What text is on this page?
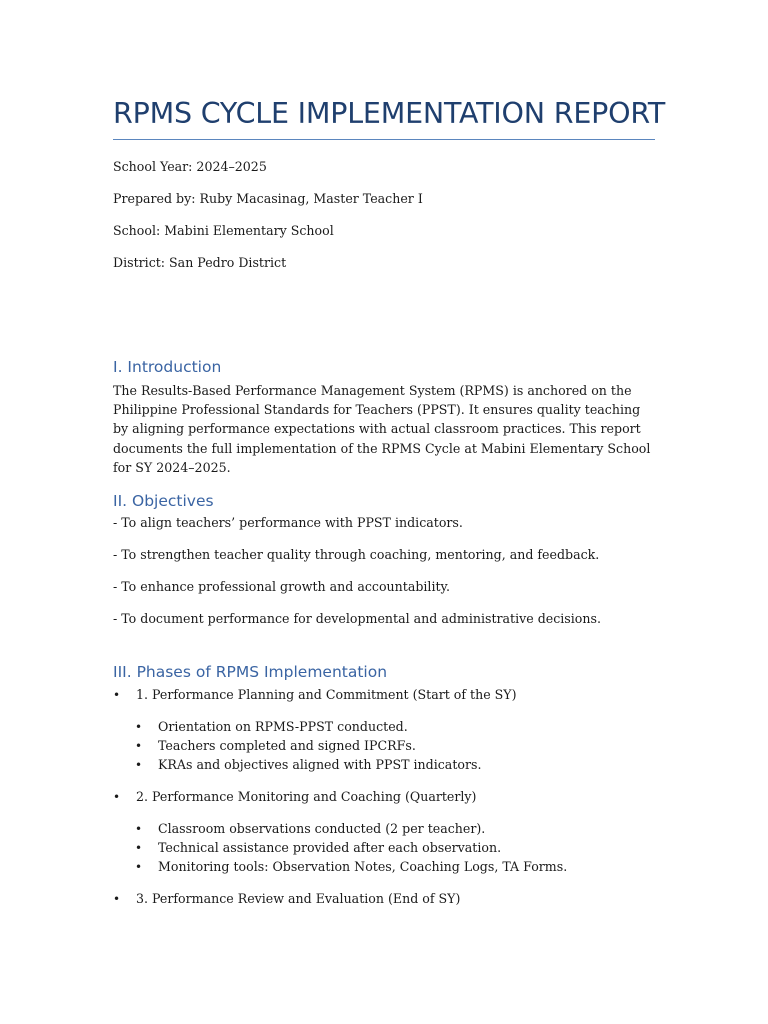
RPMS CYCLE IMPLEMENTATION REPORT

School Year: 2024–2025

Prepared by: Ruby Macasinag, Master Teacher I

School: Mabini Elementary School

District: San Pedro District

I. Introduction

The Results-Based Performance Management System (RPMS) is anchored on the Philippine Professional Standards for Teachers (PPST). It ensures quality teaching by aligning performance expectations with actual classroom practices. This report documents the full implementation of the RPMS Cycle at Mabini Elementary School for SY 2024–2025.

II. Objectives

- To align teachers’ performance with PPST indicators.

- To strengthen teacher quality through coaching, mentoring, and feedback.

- To enhance professional growth and accountability.

- To document performance for developmental and administrative decisions.

III. Phases of RPMS Implementation
• 1. Performance Planning and Commitment (Start of the SY)
• Orientation on RPMS-PPST conducted.
• Teachers completed and signed IPCRFs.
• KRAs and objectives aligned with PPST indicators.
• 2. Performance Monitoring and Coaching (Quarterly)
• Classroom observations conducted (2 per teacher).
• Technical assistance provided after each observation.
• Monitoring tools: Observation Notes, Coaching Logs, TA Forms.
• 3. Performance Review and Evaluation (End of SY)
